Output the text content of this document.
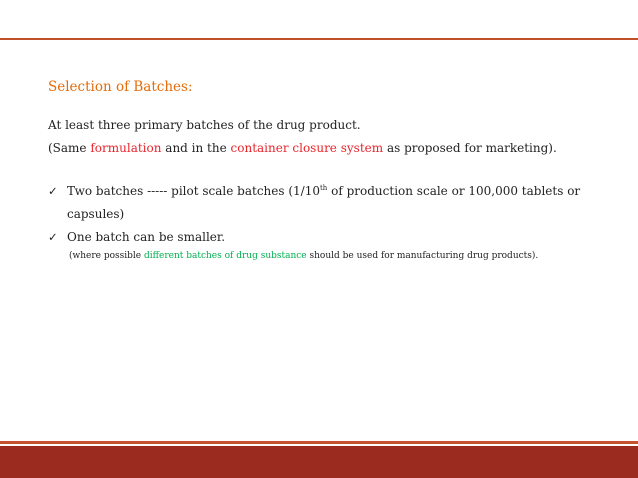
Selection of Batches:
At least three primary batches of the drug product.
(Same formulation and in the container closure system as proposed for marketing).
✓ Two batches ----- pilot scale batches (1/10th of production scale or 100,000 tablets or
capsules)
✓ One batch can be smaller.
(where possible different batches of drug substance should be used for manufacturing drug products).
